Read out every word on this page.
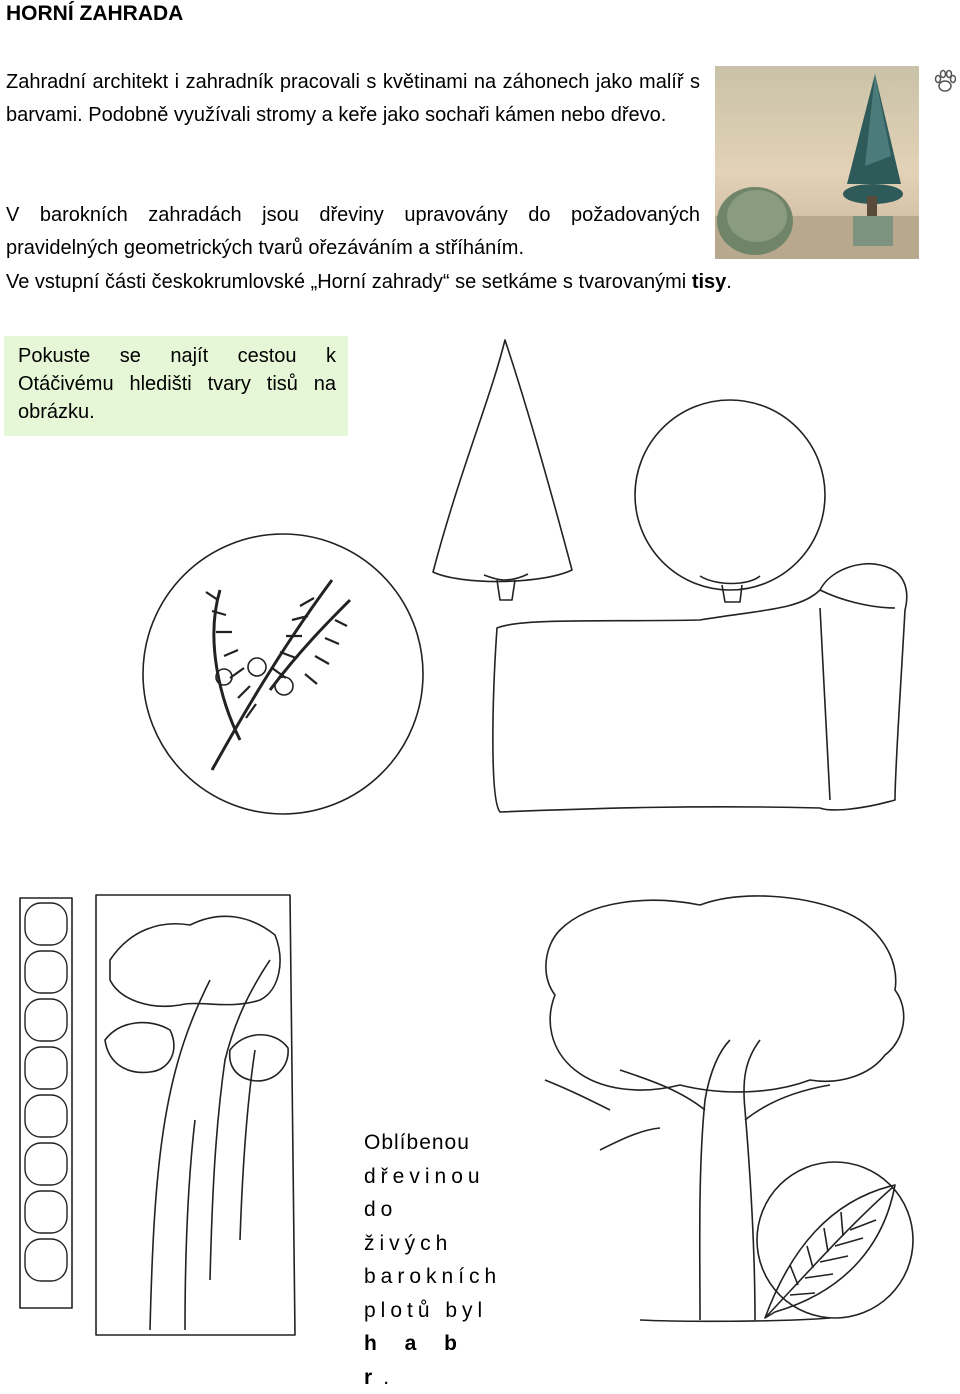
HORNÍ ZAHRADA
Zahradní architekt i zahradník pracovali s květinami na záhonech jako malíř s barvami. Podobně využívali stromy a keře jako sochaři kámen nebo dřevo.
V barokních zahradách jsou dřeviny upravovány do požadovaných pravidelných geometrických tvarů ořezáváním a stříháním.
Ve vstupní části českokrumlovské „Horní zahrady“ se setkáme s tvarovanými tisy.
Pokuste se najít cestou k Otáčivému hledišti tvary tisů na obrázku.
Oblíbenou
dřevinou
do živých
barokních
plotů byl
h a b r.
